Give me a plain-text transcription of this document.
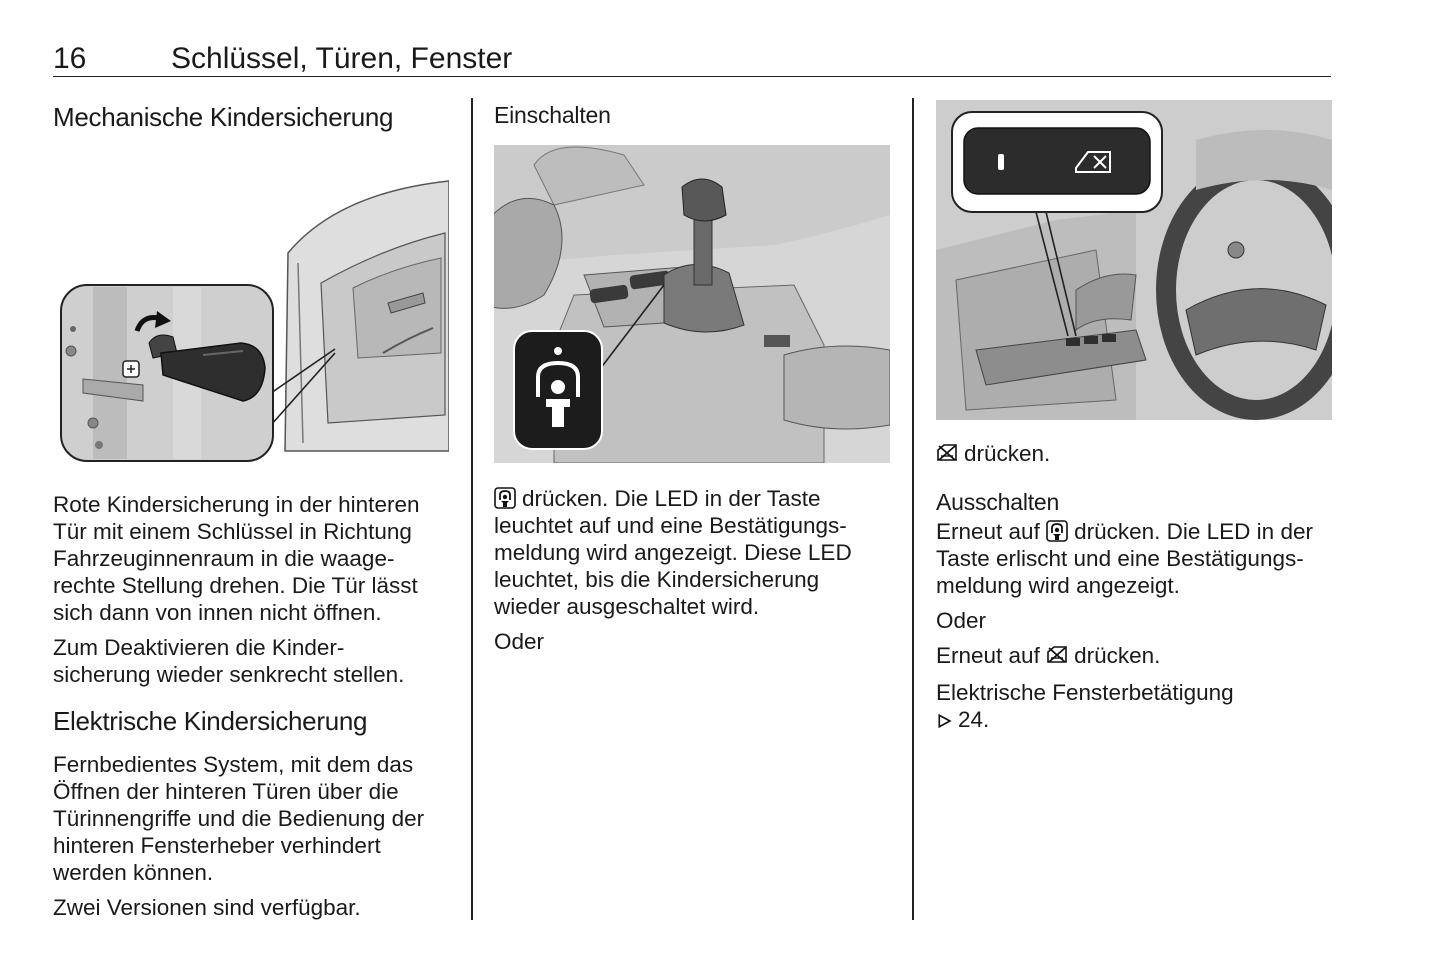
16	Schlüssel, Türen, Fenster
Mechanische Kindersicherung

Rote Kindersicherung in der hinteren

Tür mit einem Schlüssel in Richtung

Fahrzeuginnenraum in die waage-

rechte Stellung drehen. Die Tür lässt

sich dann von innen nicht öffnen.

Zum Deaktivieren die Kinder-

sicherung wieder senkrecht stellen.

Elektrische Kindersicherung

Fernbedientes System, mit dem das

Öffnen der hinteren Türen über die

Türinnengriffe und die Bedienung der

hinteren Fensterheber verhindert

werden können.

Zwei Versionen sind verfügbar.

Einschalten

drücken. Die LED in der Taste

leuchtet auf und eine Bestätigungs-

meldung wird angezeigt. Diese LED

leuchtet, bis die Kindersicherung

wieder ausgeschaltet wird.

Oder

drücken.

Ausschalten

Erneut auf drücken. Die LED in der

Taste erlischt und eine Bestätigungs-

meldung wird angezeigt.

Oder

Erneut auf drücken.

Elektrische Fensterbetätigung

24.
